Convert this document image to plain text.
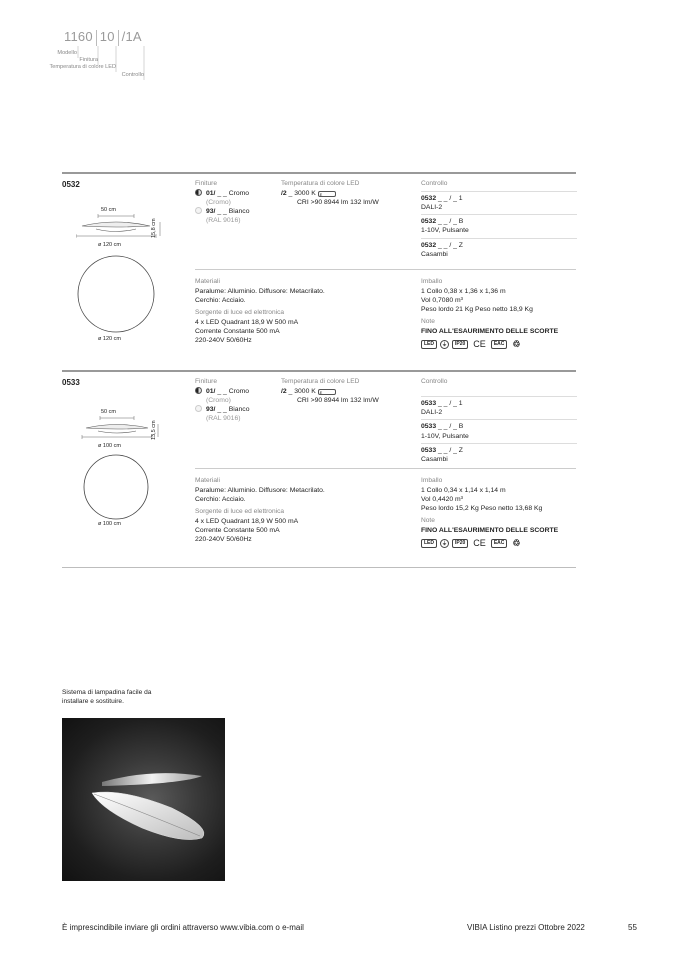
1160 10 /1A
Modello
Finitura
Temperatura di colore LED
Controllo
0532
50 cm
15,8 cm
ø 120 cm
ø 120 cm
Finiture
01/ _ _ Cromo
(Cromo)
93/ _ _ Bianco
(RAL 9016)
Temperatura di colore LED
/2 _ 3000 K E
CRI >90 8944 lm 132 lm/W
Controllo
0532 _ _ / _ 1
DALI-2
0532 _ _ / _ B
1-10V, Pulsante
0532 _ _ / _ Z
Casambi
Materiali
Paralume: Alluminio. Diffusore: Metacrilato.
Cerchio: Acciaio.
Sorgente di luce ed elettronica
4 x LED Quadrant 18,9 W 500 mA
Corrente Constante 500 mA
220-240V 50/60Hz
Imballo
1 Collo 0,38 x 1,36 x 1,36 m
Vol 0,7080 m³
Peso lordo 21 Kg Peso netto 18,9 Kg
Note
FINO ALL'ESAURIMENTO DELLE SCORTE
LED	⏚	IP20 CE	EAC ♲
0533
50 cm
13,5 cm
ø 100 cm
ø 100 cm
Finiture
01/ _ _ Cromo
(Cromo)
93/ _ _ Bianco
(RAL 9016)
Temperatura di colore LED
/2 _ 3000 K E
CRI >90 8944 lm 132 lm/W
Controllo
0533 _ _ / _ 1
DALI-2
0533 _ _ / _ B
1-10V, Pulsante
0533 _ _ / _ Z
Casambi
Materiali
Paralume: Alluminio. Diffusore: Metacrilato.
Cerchio: Acciaio.
Sorgente di luce ed elettronica
4 x LED Quadrant 18,9 W 500 mA
Corrente Constante 500 mA
220-240V 50/60Hz
Imballo
1 Collo 0,34 x 1,14 x 1,14 m
Vol 0,4420 m³
Peso lordo 15,2 Kg Peso netto 13,68 Kg
Note
FINO ALL'ESAURIMENTO DELLE SCORTE
LED	⏚	IP20 CE	EAC ♲
Sistema di lampadina facile da installare e sostituire.
È imprescindibile inviare gli ordini attraverso www.vibia.com o e-mail	VIBIA Listino prezzi Ottobre 2022	55
